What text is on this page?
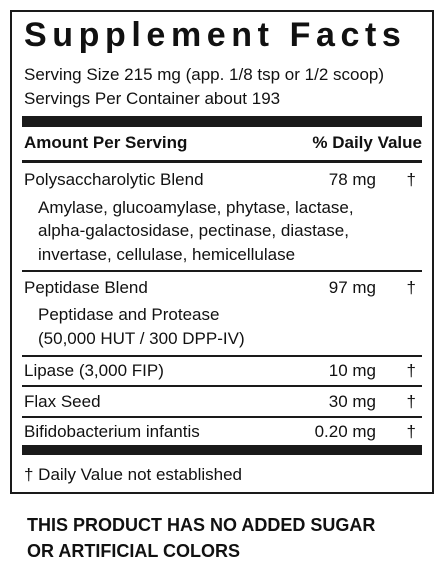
Supplement Facts
Serving Size 215 mg (app. 1/8 tsp or 1/2 scoop)
Servings Per Container about 193
Amount Per Serving	% Daily Value
Polysaccharolytic Blend	78 mg †
Amylase, glucoamylase, phytase, lactase,
alpha-galactosidase, pectinase, diastase,
invertase, cellulase, hemicellulase
Peptidase Blend	97 mg †
Peptidase and Protease
(50,000 HUT / 300 DPP-IV)
Lipase (3,000 FIP)	10 mg †
Flax Seed	30 mg †
Bifidobacterium infantis	0.20 mg †
† Daily Value not established
THIS PRODUCT HAS NO ADDED SUGAR
OR ARTIFICIAL COLORS
